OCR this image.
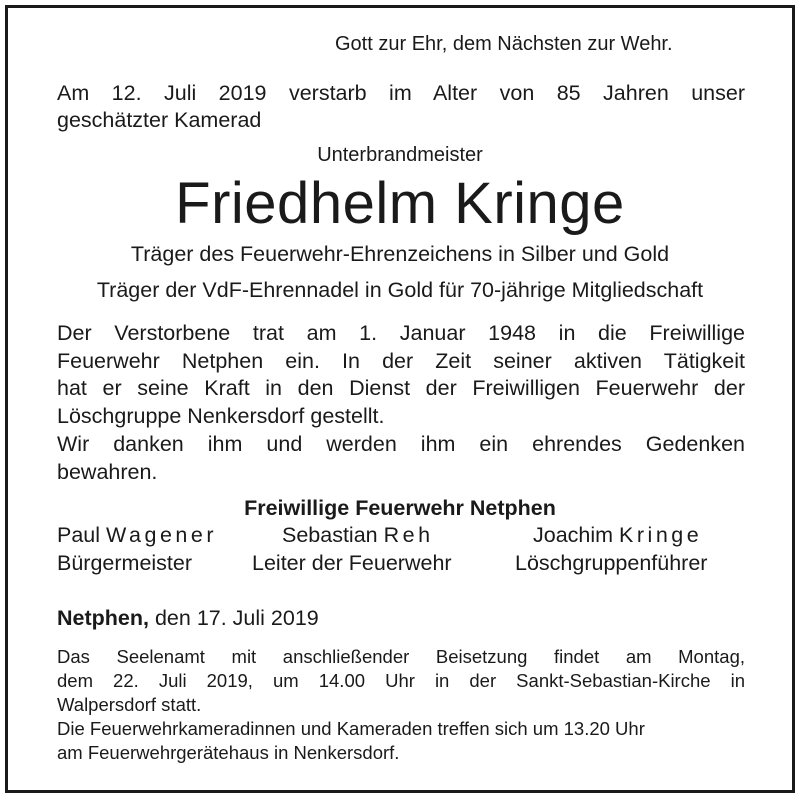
Gott zur Ehr, dem Nächsten zur Wehr.
Am 12. Juli 2019 verstarb im Alter von 85 Jahren unser
geschätzter Kamerad
Unterbrandmeister
Friedhelm Kringe
Träger des Feuerwehr-Ehrenzeichens in Silber und Gold
Träger der VdF-Ehrennadel in Gold für 70-jährige Mitgliedschaft
Der Verstorbene trat am 1. Januar 1948 in die Freiwillige
Feuerwehr Netphen ein. In der Zeit seiner aktiven Tätigkeit
hat er seine Kraft in den Dienst der Freiwilligen Feuerwehr der
Löschgruppe Nenkersdorf gestellt.
Wir danken ihm und werden ihm ein ehrendes Gedenken
bewahren.
Freiwillige Feuerwehr Netphen
Paul Wagener	Sebastian Reh	Joachim Kringe
Bürgermeister	Leiter der Feuerwehr	Löschgruppenführer
Netphen, den 17. Juli 2019
Das Seelenamt mit anschließender Beisetzung findet am Montag,
dem 22. Juli 2019, um 14.00 Uhr in der Sankt-Sebastian-Kirche in
Walpersdorf statt.
Die Feuerwehrkameradinnen und Kameraden treffen sich um 13.20 Uhr
am Feuerwehrgerätehaus in Nenkersdorf.
